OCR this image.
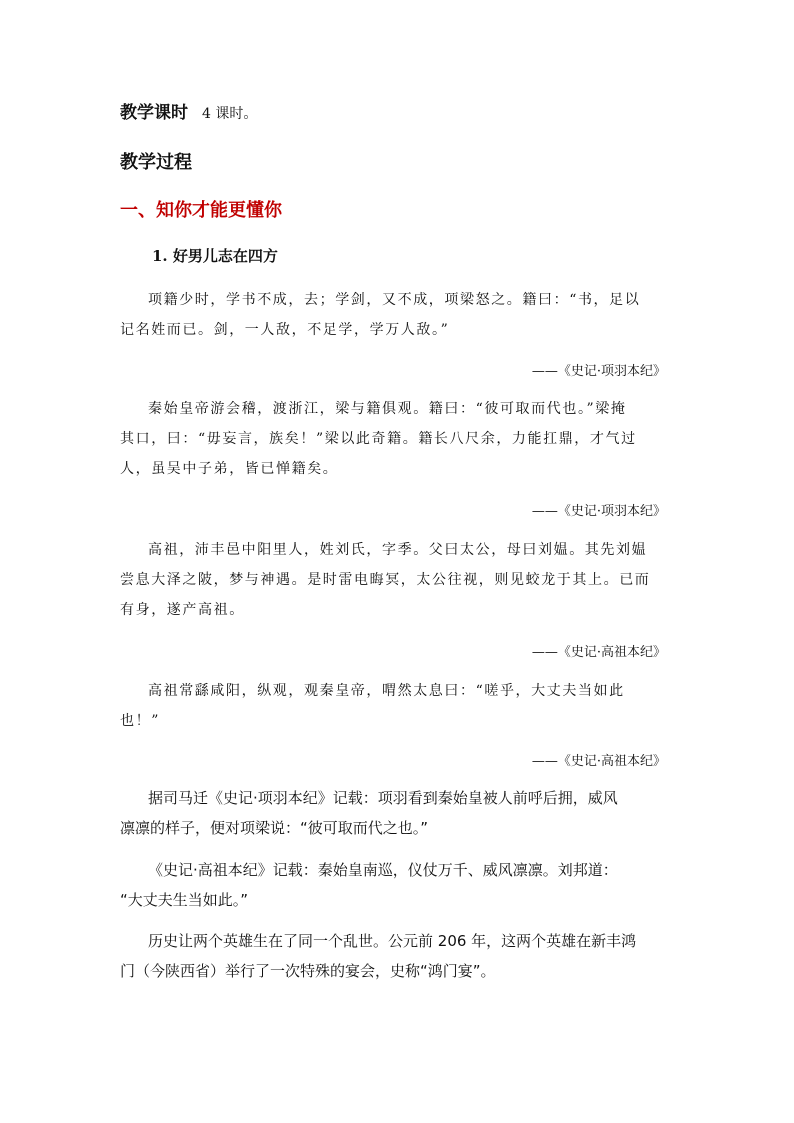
教学课时 4 课时。
教学过程
一、知你才能更懂你
1. 好男儿志在四方

项籍少时，学书不成，去；学剑，又不成，项梁怒之。籍曰：“书，足以

记名姓而已。剑，一人敌，不足学，学万人敌。”

——《史记·项羽本纪》

秦始皇帝游会稽，渡浙江，梁与籍俱观。籍曰：“彼可取而代也。”梁掩

其口，曰：“毋妄言，族矣！”梁以此奇籍。籍长八尺余，力能扛鼎，才气过

人，虽吴中子弟，皆已惮籍矣。

——《史记·项羽本纪》

高祖，沛丰邑中阳里人，姓刘氏，字季。父曰太公，母曰刘媪。其先刘媪

尝息大泽之陂，梦与神遇。是时雷电晦冥，太公往视，则见蛟龙于其上。已而

有身，遂产高祖。

——《史记·高祖本纪》

高祖常繇咸阳，纵观，观秦皇帝，喟然太息曰：“嗟乎，大丈夫当如此

也！”

——《史记·高祖本纪》

据司马迁《史记·项羽本纪》记载：项羽看到秦始皇被人前呼后拥，威风

凛凛的样子，便对项梁说：“彼可取而代之也。”

《史记·高祖本纪》记载：秦始皇南巡，仪仗万千、威风凛凛。刘邦道：

“大丈夫生当如此。”

历史让两个英雄生在了同一个乱世。公元前 206 年，这两个英雄在新丰鸿

门（今陕西省）举行了一次特殊的宴会，史称“鸿门宴”。
